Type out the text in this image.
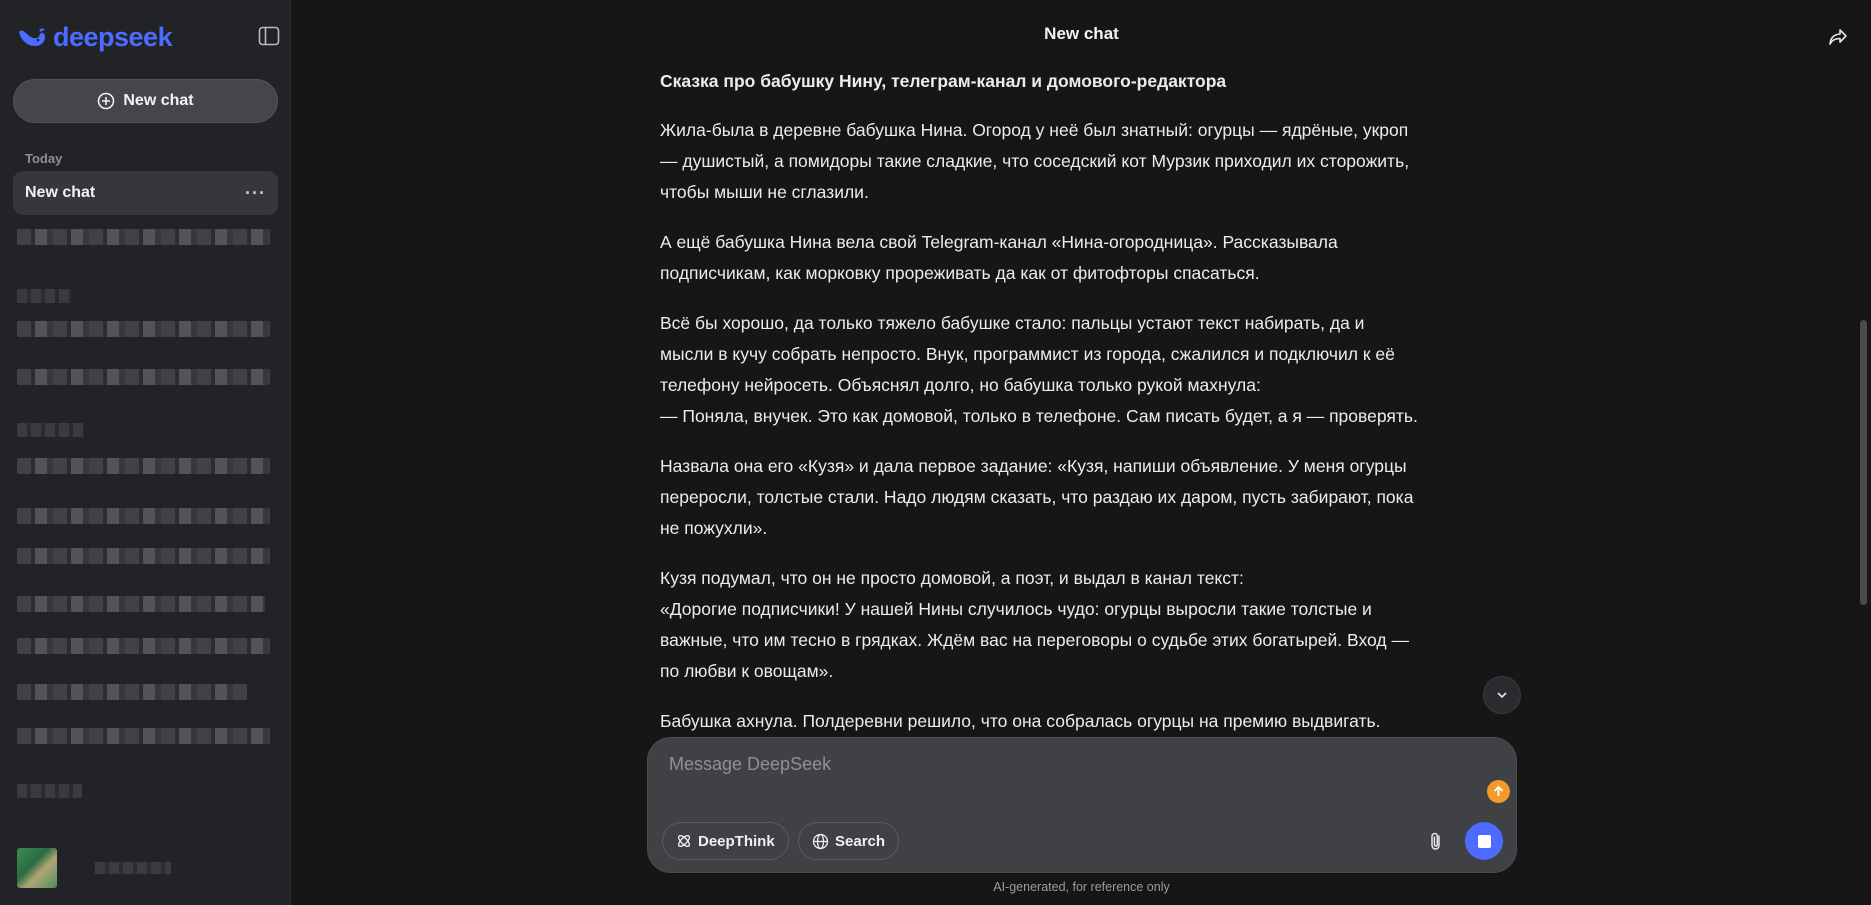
deepseek
New chat
Today
New chat	···
New chat
Сказка про бабушку Нину, телеграм-канал и домового-редактора

Жила-была в деревне бабушка Нина. Огород у неё был знатный: огурцы — ядрёные, укроп — душистый, а помидоры такие сладкие, что соседский кот Мурзик приходил их сторожить, чтобы мыши не сглазили.

А ещё бабушка Нина вела свой Telegram-канал «Нина-огородница». Рассказывала подписчикам, как морковку прореживать да как от фитофторы спасаться.

Всё бы хорошо, да только тяжело бабушке стало: пальцы устают текст набирать, да и мысли в кучу собрать непросто. Внук, программист из города, сжалился и подключил к её телефону нейросеть. Объяснял долго, но бабушка только рукой махнула:
— Поняла, внучек. Это как домовой, только в телефоне. Сам писать будет, а я — проверять.

Назвала она его «Кузя» и дала первое задание: «Кузя, напиши объявление. У меня огурцы переросли, толстые стали. Надо людям сказать, что раздаю их даром, пусть забирают, пока не пожухли».

Кузя подумал, что он не просто домовой, а поэт, и выдал в канал текст:
«Дорогие подписчики! У нашей Нины случилось чудо: огурцы выросли такие толстые и важные, что им тесно в грядках. Ждём вас на переговоры о судьбе этих богатырей. Вход — по любви к овощам».

Бабушка ахнула. Полдеревни решило, что она собралась огурцы на премию выдвигать.

Message DeepSeek
DeepThink	Search
AI-generated, for reference only
